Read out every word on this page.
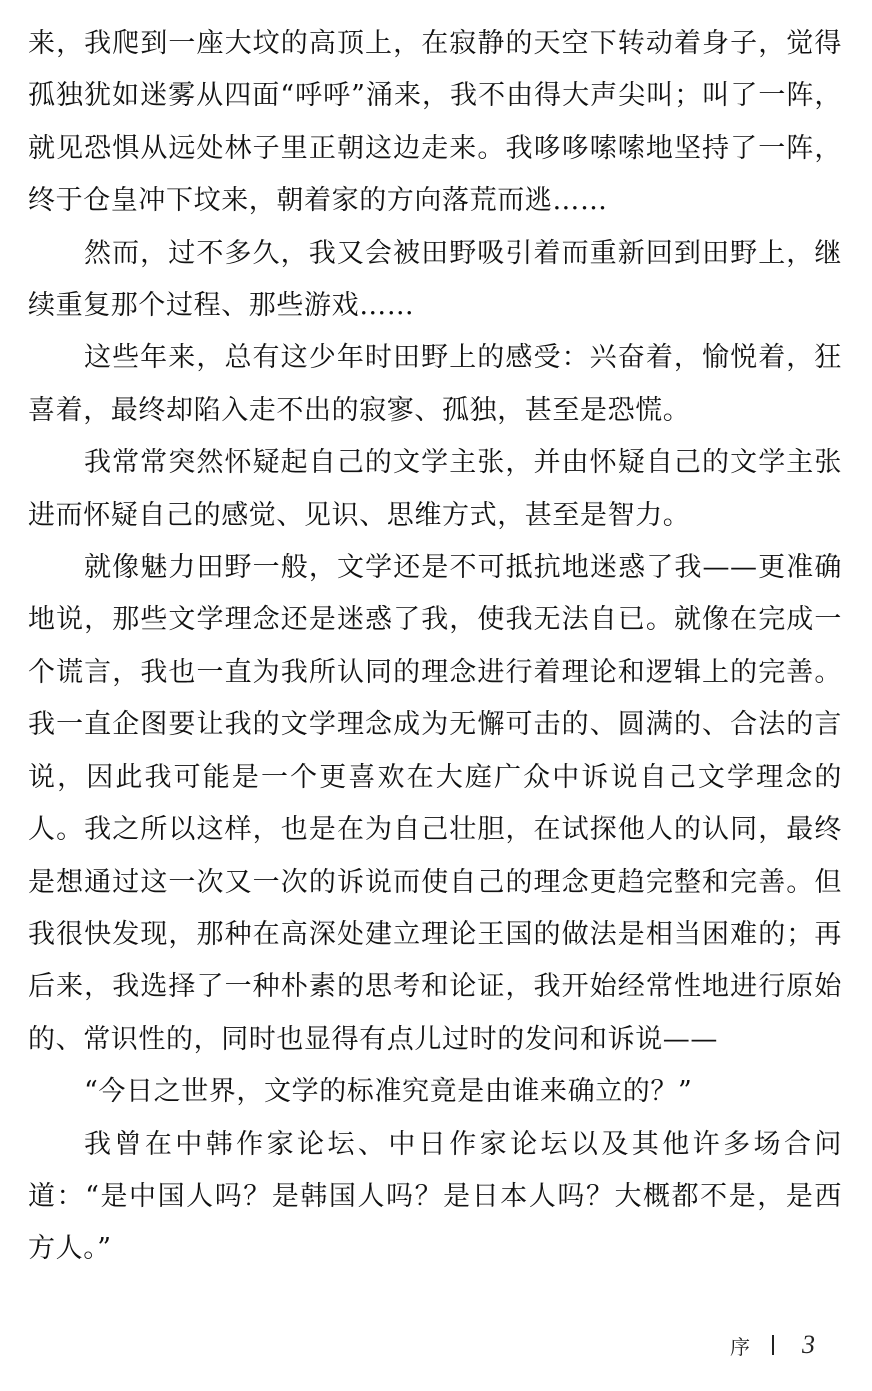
来，我爬到一座大坟的高顶上，在寂静的天空下转动着身子，觉得孤独犹如迷雾从四面“呼呼”涌来，我不由得大声尖叫；叫了一阵，就见恐惧从远处林子里正朝这边走来。我哆哆嗦嗦地坚持了一阵，终于仓皇冲下坟来，朝着家的方向落荒而逃……

然而，过不多久，我又会被田野吸引着而重新回到田野上，继续重复那个过程、那些游戏……

这些年来，总有这少年时田野上的感受：兴奋着，愉悦着，狂喜着，最终却陷入走不出的寂寥、孤独，甚至是恐慌。

我常常突然怀疑起自己的文学主张，并由怀疑自己的文学主张进而怀疑自己的感觉、见识、思维方式，甚至是智力。

就像魅力田野一般，文学还是不可抵抗地迷惑了我——更准确地说，那些文学理念还是迷惑了我，使我无法自已。就像在完成一个谎言，我也一直为我所认同的理念进行着理论和逻辑上的完善。我一直企图要让我的文学理念成为无懈可击的、圆满的、合法的言说，因此我可能是一个更喜欢在大庭广众中诉说自己文学理念的人。我之所以这样，也是在为自己壮胆，在试探他人的认同，最终是想通过这一次又一次的诉说而使自己的理念更趋完整和完善。但我很快发现，那种在高深处建立理论王国的做法是相当困难的；再后来，我选择了一种朴素的思考和论证，我开始经常性地进行原始的、常识性的，同时也显得有点儿过时的发问和诉说——

“今日之世界，文学的标准究竟是由谁来确立的？”

我曾在中韩作家论坛、中日作家论坛以及其他许多场合问道：“是中国人吗？是韩国人吗？是日本人吗？大概都不是，是西方人。”

序 3
